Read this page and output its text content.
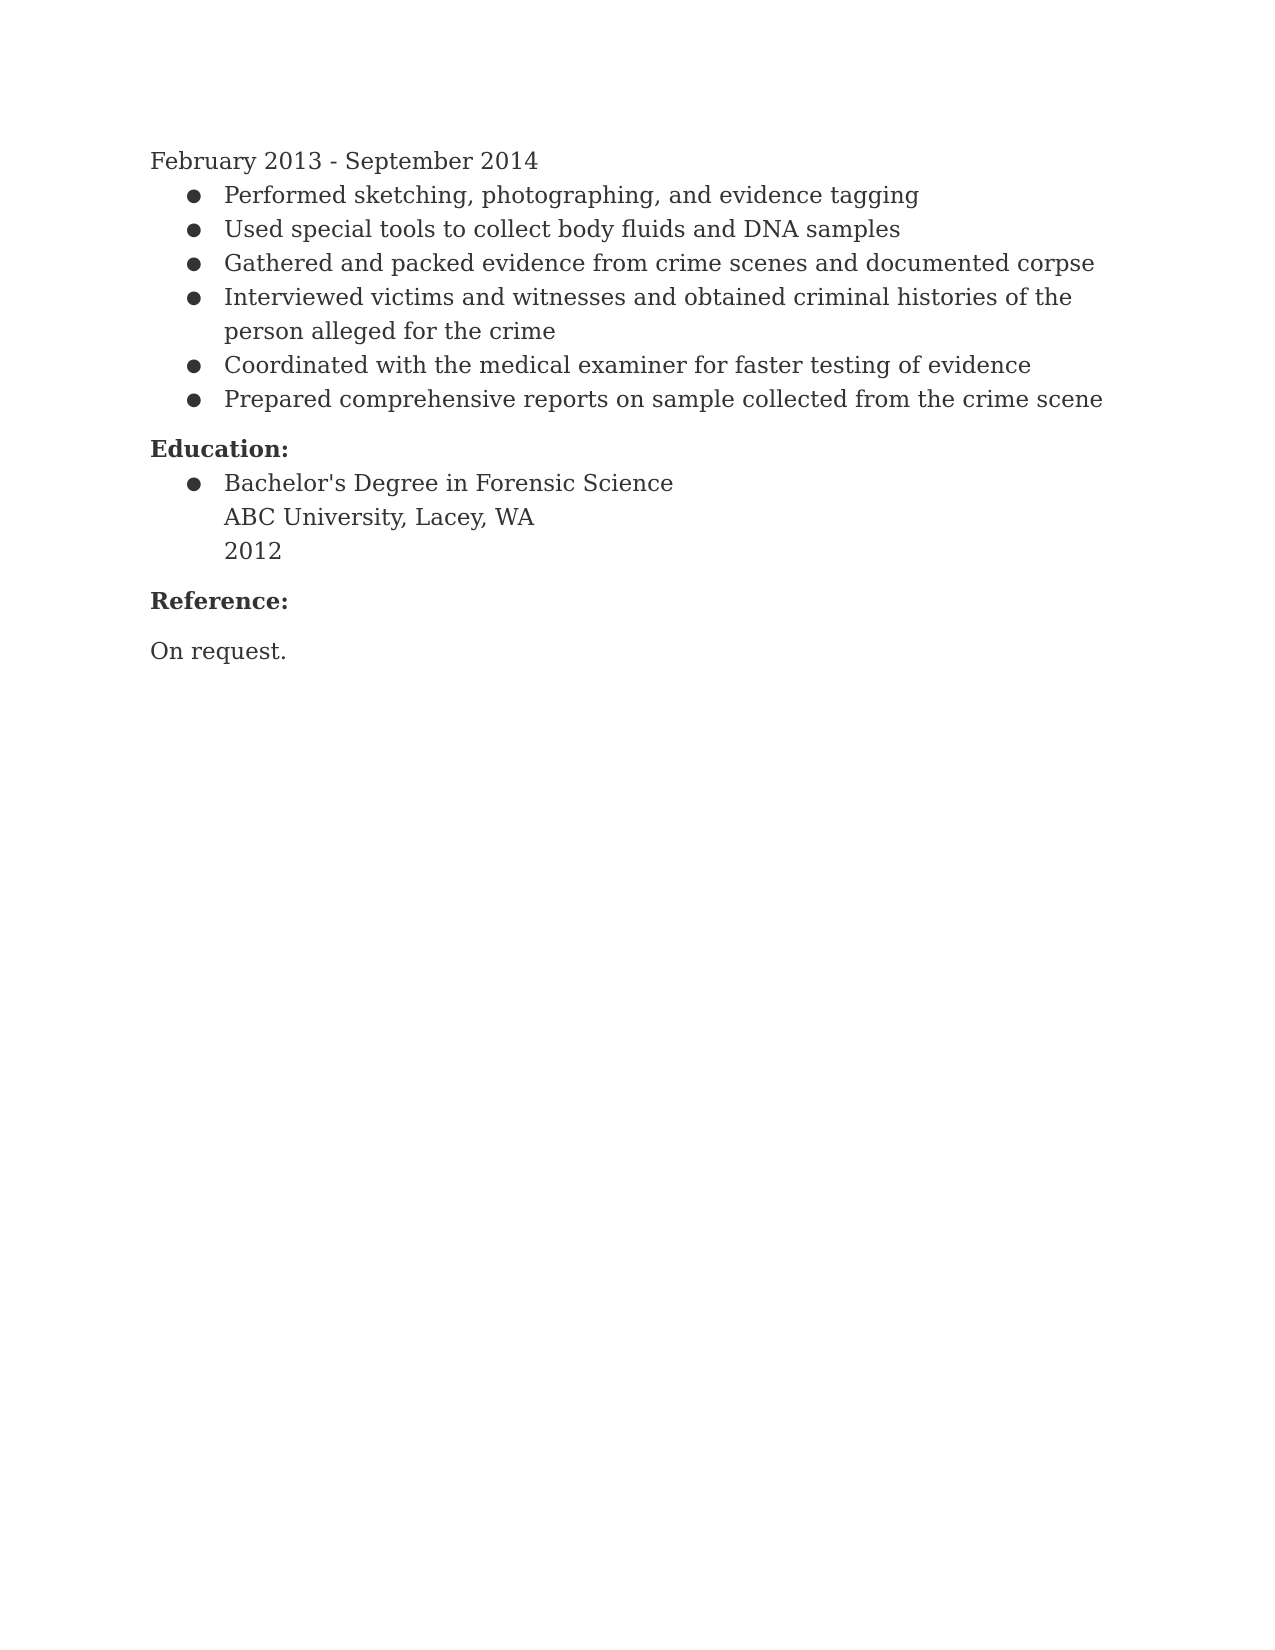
February 2013 - September 2014

● Performed sketching, photographing, and evidence tagging
● Used special tools to collect body fluids and DNA samples
● Gathered and packed evidence from crime scenes and documented corpse
● Interviewed victims and witnesses and obtained criminal histories of the person alleged for the crime
● Coordinated with the medical examiner for faster testing of evidence
● Prepared comprehensive reports on sample collected from the crime scene

Education:

● Bachelor's Degree in Forensic Science
ABC University, Lacey, WA
2012

Reference:

On request.
